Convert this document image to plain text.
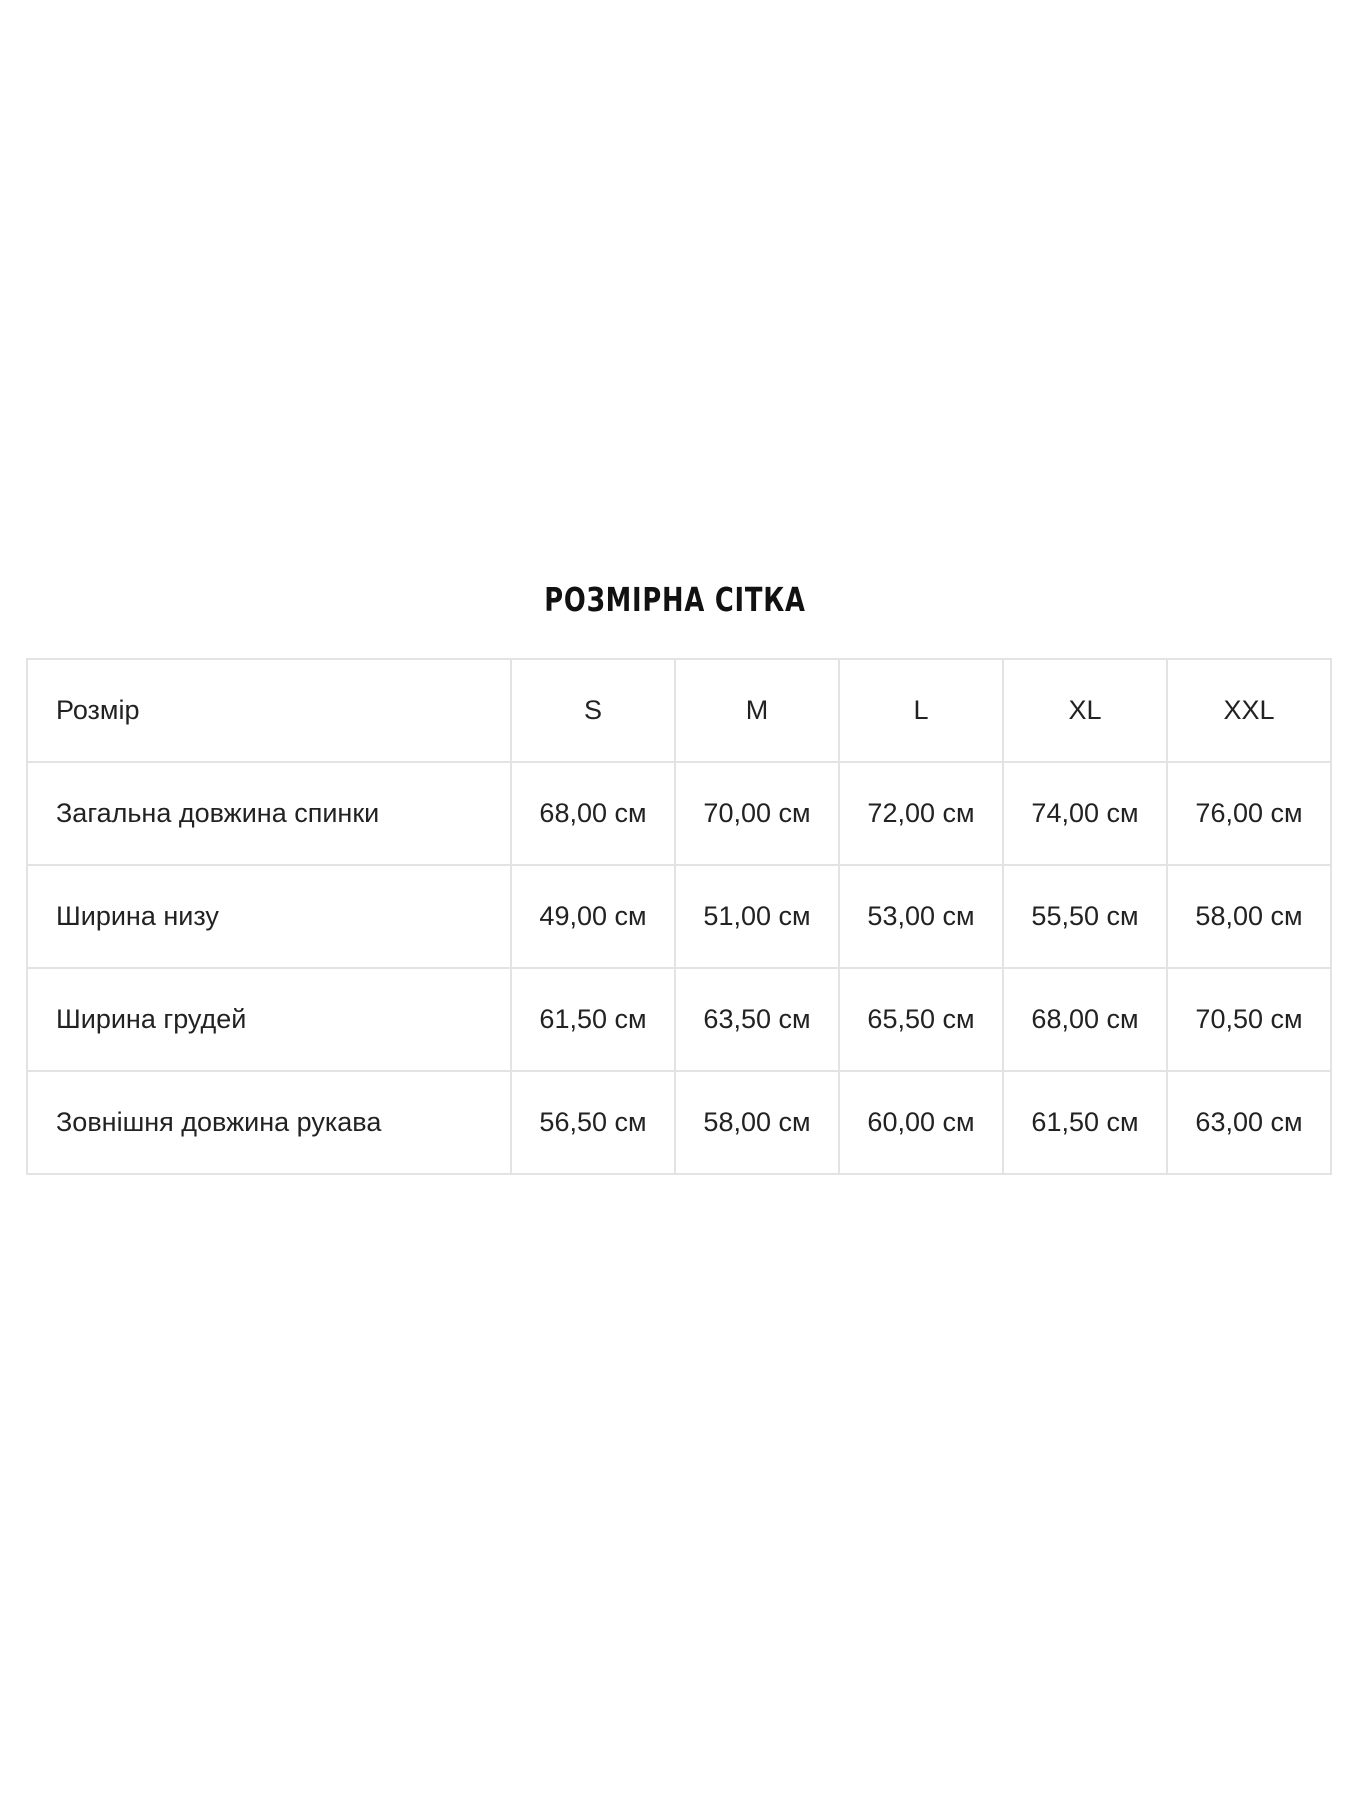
РОЗМІРНА СІТКА
Розмір	S	M	L	XL	XXL
Загальна довжина спинки	68,00 см	70,00 см	72,00 см	74,00 см	76,00 см
Ширина низу	49,00 см	51,00 см	53,00 см	55,50 см	58,00 см
Ширина грудей	61,50 см	63,50 см	65,50 см	68,00 см	70,50 см
Зовнішня довжина рукава	56,50 см	58,00 см	60,00 см	61,50 см	63,00 см
